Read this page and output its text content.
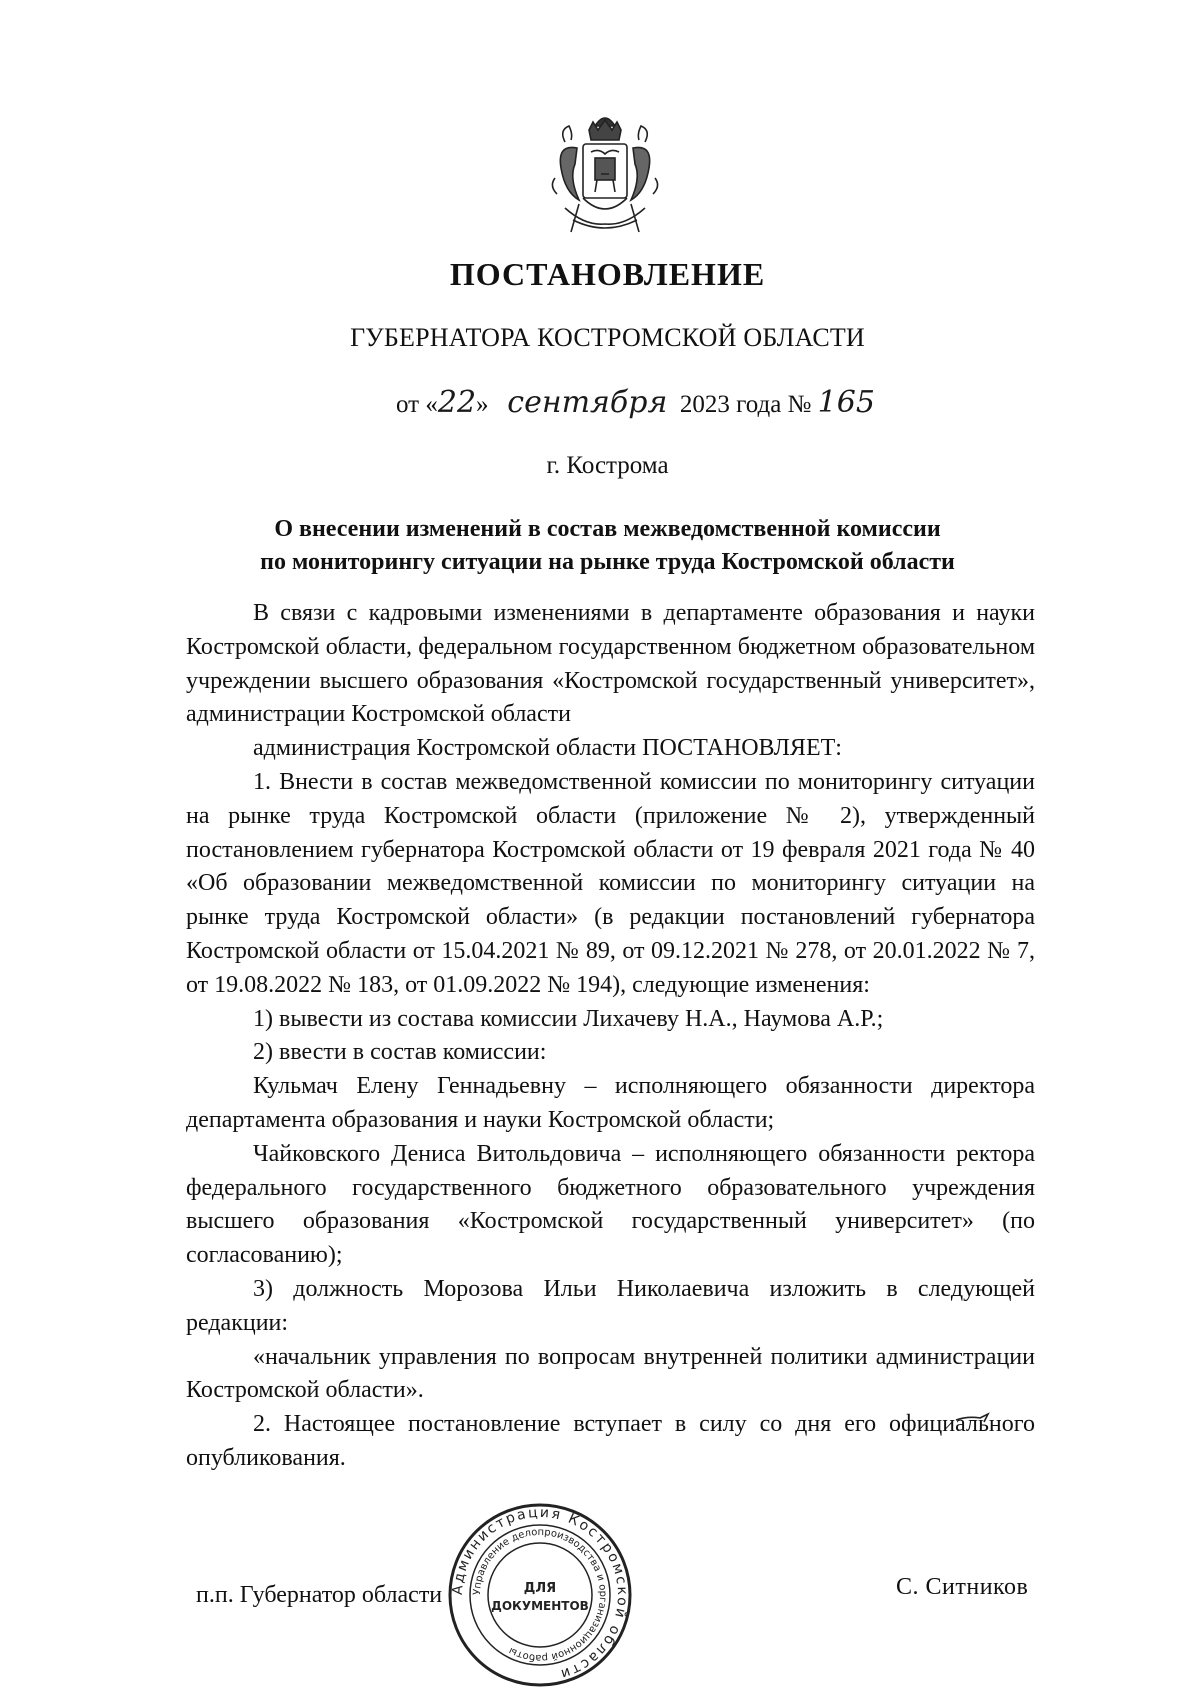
ПОСТАНОВЛЕНИЕ
ГУБЕРНАТОРА КОСТРОМСКОЙ ОБЛАСТИ
от «22» сентября 2023 года № 165
г. Кострома
О внесении изменений в состав межведомственной комиссии
по мониторингу ситуации на рынке труда Костромской области

В связи с кадровыми изменениями в департаменте образования и науки Костромской области, федеральном государственном бюджетном образовательном учреждении высшего образования «Костромской государственный университет», администрации Костромской области

администрация Костромской области ПОСТАНОВЛЯЕТ:

1. Внести в состав межведомственной комиссии по мониторингу ситуации на рынке труда Костромской области (приложение № 2), утвержденный постановлением губернатора Костромской области от 19 февраля 2021 года № 40 «Об образовании межведомственной комиссии по мониторингу ситуации на рынке труда Костромской области» (в редакции постановлений губернатора Костромской области от 15.04.2021 № 89, от 09.12.2021 № 278, от 20.01.2022 № 7, от 19.08.2022 № 183, от 01.09.2022 № 194), следующие изменения:

1) вывести из состава комиссии Лихачеву Н.А., Наумова А.Р.;

2) ввести в состав комиссии:

Кульмач Елену Геннадьевну – исполняющего обязанности директора департамента образования и науки Костромской области;

Чайковского Дениса Витольдовича – исполняющего обязанности ректора федерального государственного бюджетного образовательного учреждения высшего образования «Костромской государственный университет» (по согласованию);

3) должность Морозова Ильи Николаевича изложить в следующей редакции:

«начальник управления по вопросам внутренней политики администрации Костромской области».

2. Настоящее постановление вступает в силу со дня его официального опубликования.

п.п. Губернатор области	С. Ситников
Администрация Костромской области
Управление делопроизводства и организационной работы
ДЛЯ
ДОКУМЕНТОВ
